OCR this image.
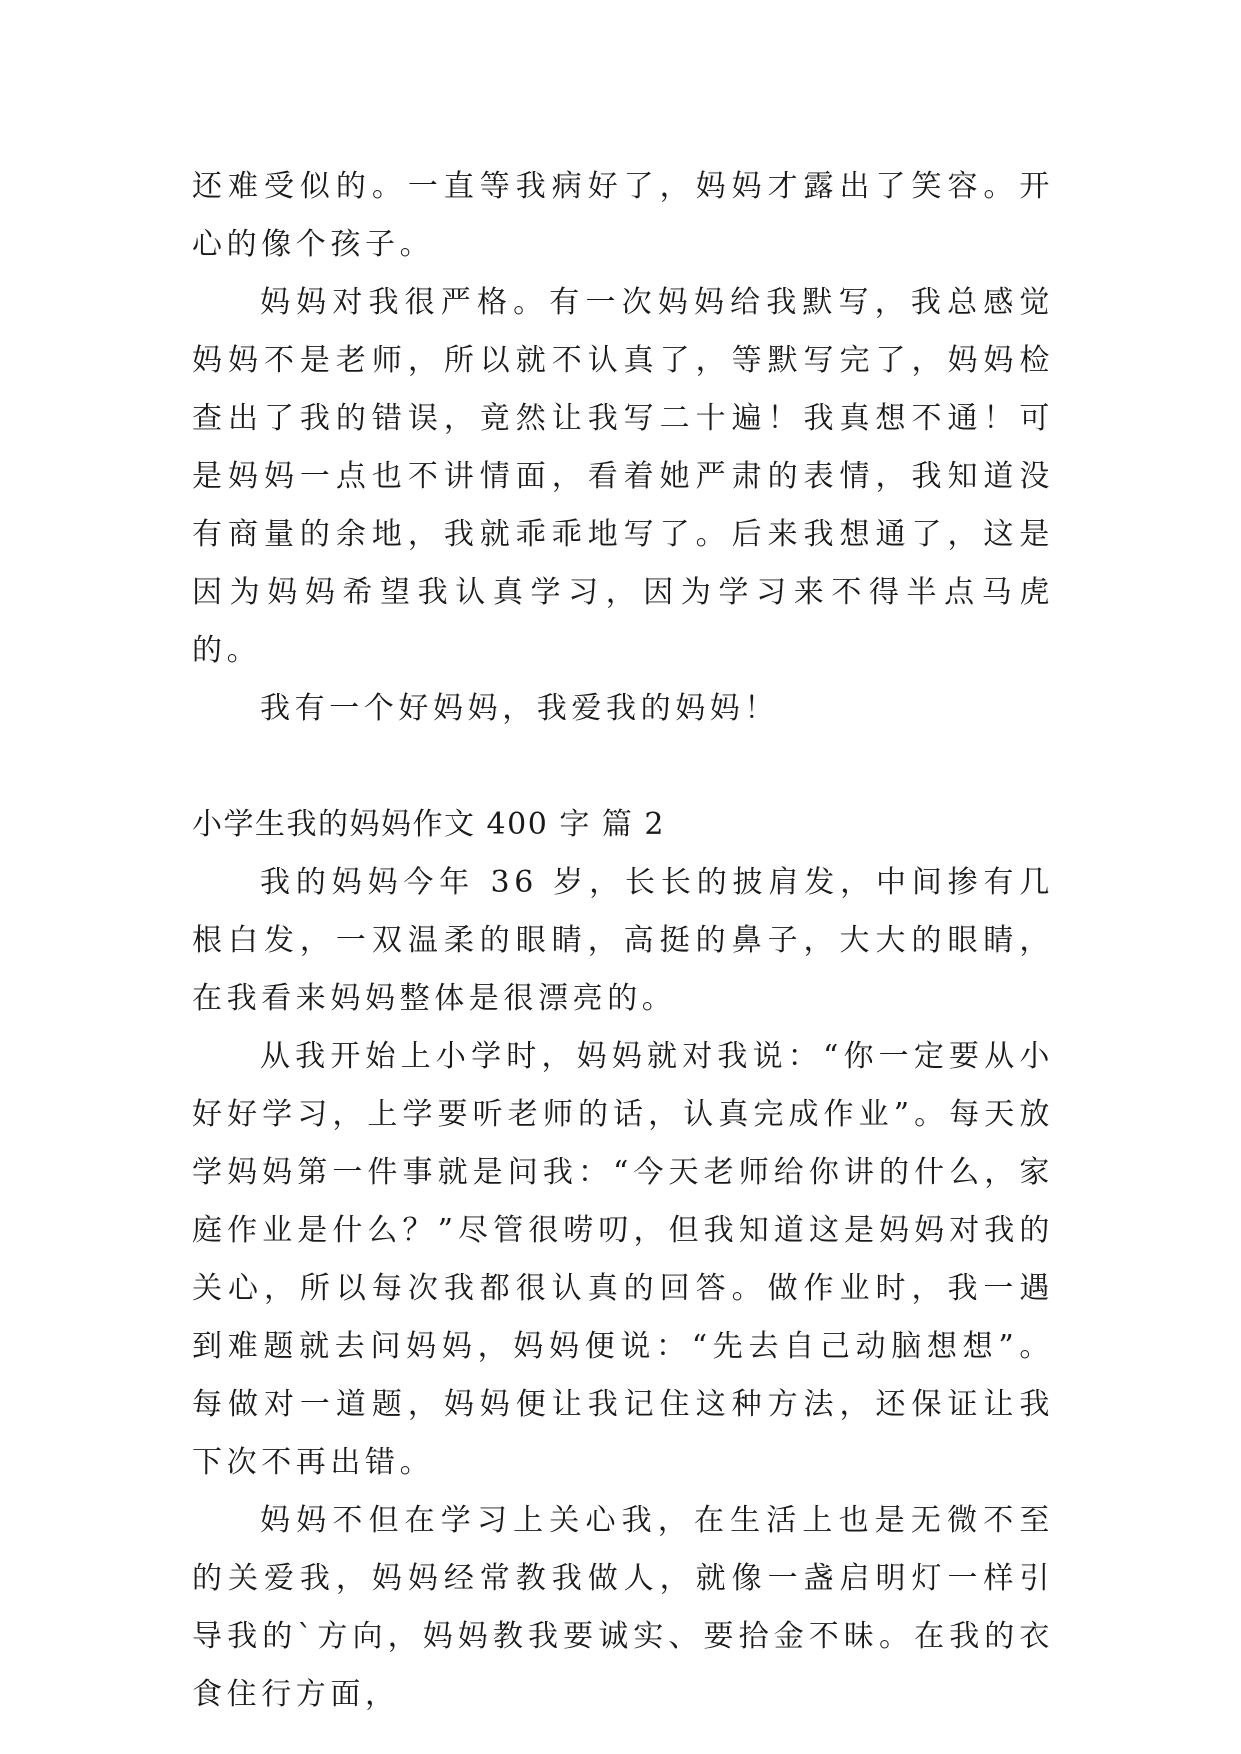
还难受似的。一直等我病好了，妈妈才露出了笑容。开心的像个孩子。

妈妈对我很严格。有一次妈妈给我默写，我总感觉妈妈不是老师，所以就不认真了，等默写完了，妈妈检查出了我的错误，竟然让我写二十遍！我真想不通！可是妈妈一点也不讲情面，看着她严肃的表情，我知道没有商量的余地，我就乖乖地写了。后来我想通了，这是因为妈妈希望我认真学习，因为学习来不得半点马虎的。

我有一个好妈妈，我爱我的妈妈！

小学生我的妈妈作文 400 字 篇 2

我的妈妈今年 36 岁，长长的披肩发，中间掺有几根白发，一双温柔的眼睛，高挺的鼻子，大大的眼睛，在我看来妈妈整体是很漂亮的。

从我开始上小学时，妈妈就对我说：“你一定要从小好好学习，上学要听老师的话，认真完成作业”。每天放学妈妈第一件事就是问我：“今天老师给你讲的什么，家庭作业是什么？”尽管很唠叨，但我知道这是妈妈对我的关心，所以每次我都很认真的回答。做作业时，我一遇到难题就去问妈妈，妈妈便说：“先去自己动脑想想”。每做对一道题，妈妈便让我记住这种方法，还保证让我下次不再出错。

妈妈不但在学习上关心我，在生活上也是无微不至的关爱我，妈妈经常教我做人，就像一盏启明灯一样引导我的`方向，妈妈教我要诚实、要拾金不昧。在我的衣食住行方面，
